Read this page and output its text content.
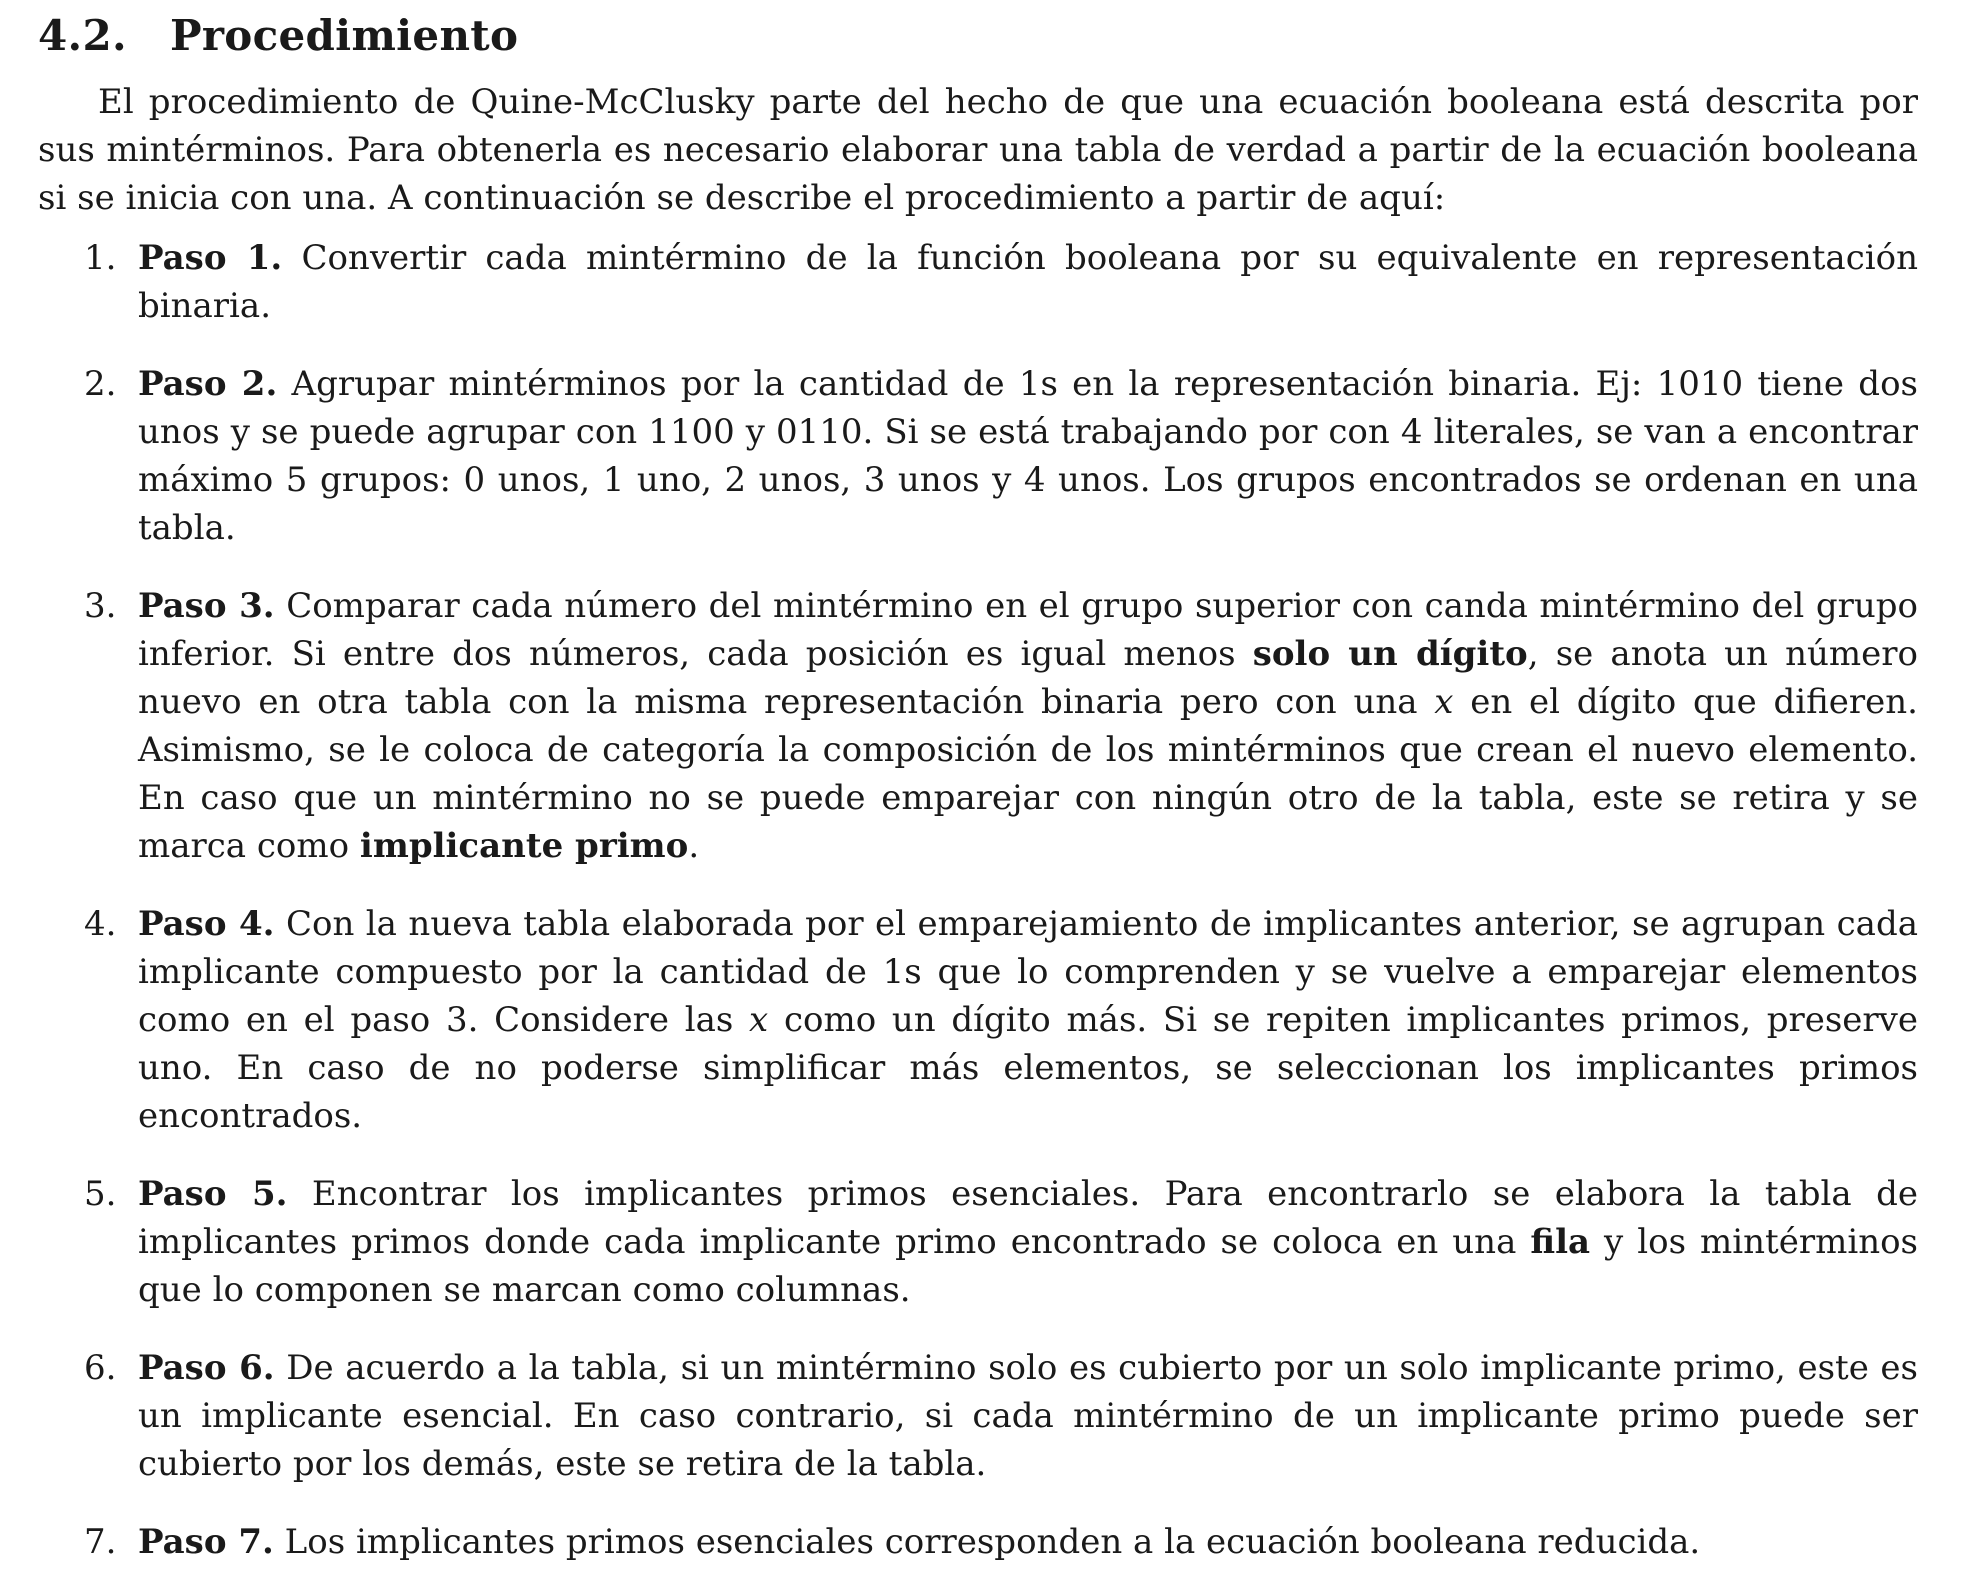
4.2. Procedimiento

El procedimiento de Quine-McClusky parte del hecho de que una ecuación booleana está descrita por sus mintérminos. Para obtenerla es necesario elaborar una tabla de verdad a partir de la ecuación booleana si se inicia con una. A continuación se describe el procedimiento a partir de aquí:

1. Paso 1. Convertir cada mintérmino de la función booleana por su equivalente en representación binaria.
2. Paso 2. Agrupar mintérminos por la cantidad de 1s en la representación binaria. Ej: 1010 tiene dos unos y se puede agrupar con 1100 y 0110. Si se está trabajando por con 4 literales, se van a encontrar máximo 5 grupos: 0 unos, 1 uno, 2 unos, 3 unos y 4 unos. Los grupos encontrados se ordenan en una tabla.
3. Paso 3. Comparar cada número del mintérmino en el grupo superior con canda mintérmino del grupo inferior. Si entre dos números, cada posición es igual menos solo un dígito, se anota un número nuevo en otra tabla con la misma representación binaria pero con una x en el dígito que difieren. Asimismo, se le coloca de categoría la composición de los mintérminos que crean el nuevo elemento. En caso que un mintérmino no se puede emparejar con ningún otro de la tabla, este se retira y se marca como implicante primo.
4. Paso 4. Con la nueva tabla elaborada por el emparejamiento de implicantes anterior, se agrupan cada implicante compuesto por la cantidad de 1s que lo comprenden y se vuelve a emparejar elementos como en el paso 3. Considere las x como un dígito más. Si se repiten implicantes primos, preserve uno. En caso de no poderse simplificar más elementos, se seleccionan los implicantes primos encontrados.
5. Paso 5. Encontrar los implicantes primos esenciales. Para encontrarlo se elabora la tabla de implicantes primos donde cada implicante primo encontrado se coloca en una fila y los mintérminos que lo componen se marcan como columnas.
6. Paso 6. De acuerdo a la tabla, si un mintérmino solo es cubierto por un solo implicante primo, este es un implicante esencial. En caso contrario, si cada mintérmino de un implicante primo puede ser cubierto por los demás, este se retira de la tabla.
7. Paso 7. Los implicantes primos esenciales corresponden a la ecuación booleana reducida.
